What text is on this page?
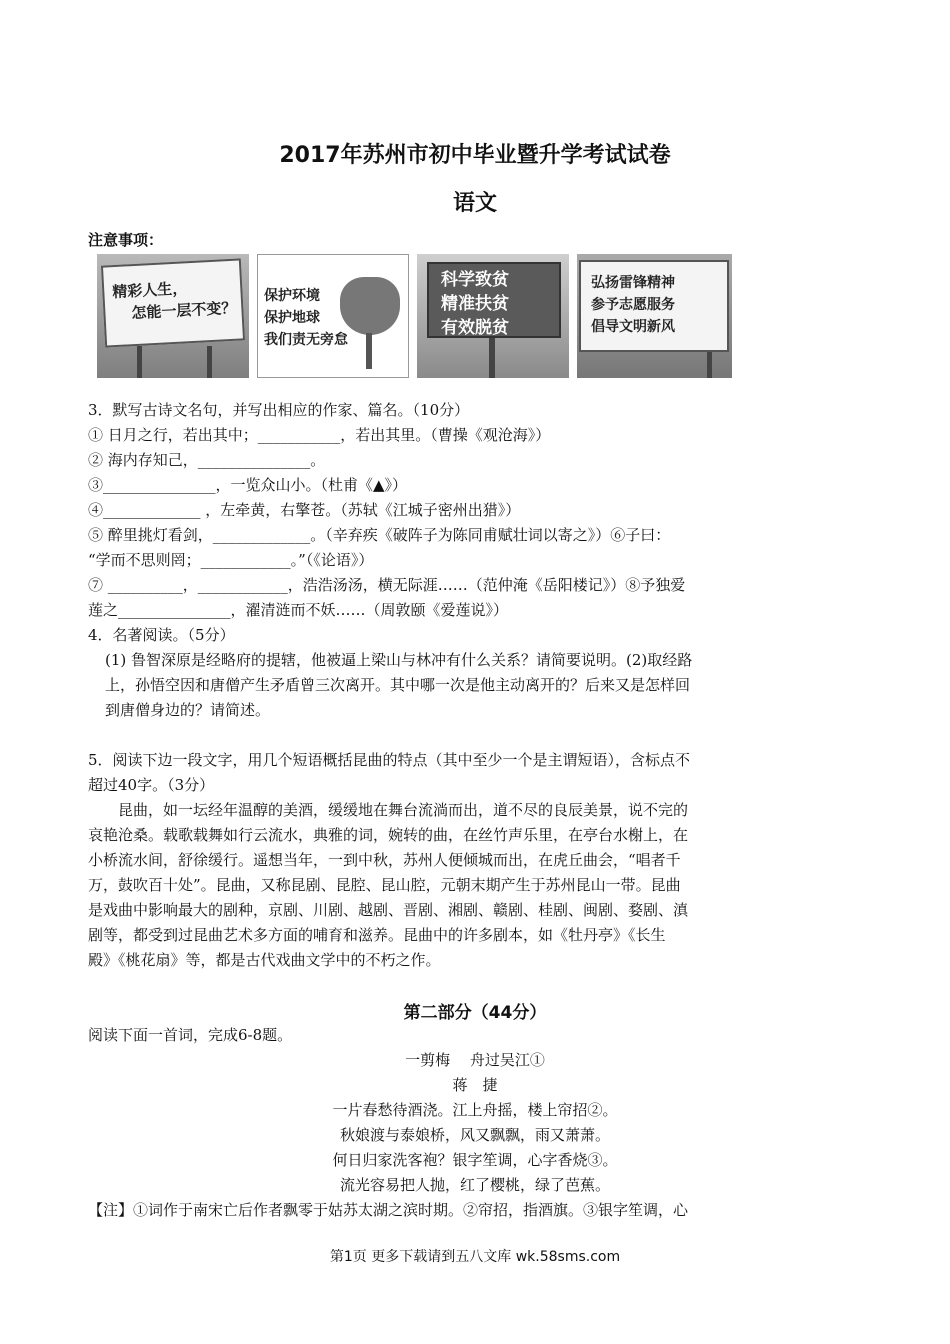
2017年苏州市初中毕业暨升学考试试卷
语文
注意事项：
精彩人生，
怎能一层不变？
保护环境
保护地球
我们责无旁怠
科学致贫
精准扶贫
有效脱贫
弘扬雷锋精神
参予志愿服务
倡导文明新风
3．默写古诗文名句，并写出相应的作家、篇名。（10分）
① 日月之行，若出其中；___________，若出其里。（曹操《观沧海》）
② 海内存知己，_______________。
③_______________，一览众山小。（杜甫《▲》）
④_____________ ，左牵黄，右擎苍。（苏轼《江城子密州出猎》）
⑤ 醉里挑灯看剑，_____________。（辛弃疾《破阵子为陈同甫赋壮词以寄之》）⑥子曰：
“学而不思则罔；____________。”（《论语》）
⑦ __________，____________，浩浩汤汤，横无际涯……（范仲淹《岳阳楼记》）⑧予独爱
莲之_______________，濯清涟而不妖……（周敦颐《爱莲说》）
4．名著阅读。（5分）
(1) 鲁智深原是经略府的提辖，他被逼上梁山与林冲有什么关系？请简要说明。(2)取经路
上，孙悟空因和唐僧产生矛盾曾三次离开。其中哪一次是他主动离开的？后来又是怎样回
到唐僧身边的？请简述。
5．阅读下边一段文字，用几个短语概括昆曲的特点（其中至少一个是主谓短语），含标点不
超过40字。（3分）
昆曲，如一坛经年温醇的美酒，缓缓地在舞台流淌而出，道不尽的良辰美景，说不完的
哀艳沧桑。载歌载舞如行云流水，典雅的词，婉转的曲，在丝竹声乐里，在亭台水榭上，在
小桥流水间，舒徐缓行。遥想当年，一到中秋，苏州人便倾城而出，在虎丘曲会，“唱者千
万，鼓吹百十处”。昆曲，又称昆剧、昆腔、昆山腔，元朝末期产生于苏州昆山一带。昆曲
是戏曲中影响最大的剧种，京剧、川剧、越剧、晋剧、湘剧、赣剧、桂剧、闽剧、婺剧、滇
剧等，都受到过昆曲艺术多方面的哺育和滋养。昆曲中的许多剧本，如《牡丹亭》《长生
殿》《桃花扇》等，都是古代戏曲文学中的不朽之作。
第二部分（44分）
阅读下面一首词，完成6-8题。
一剪梅　 舟过吴江①
蒋　捷
一片春愁待酒浇。江上舟摇，楼上帘招②。
秋娘渡与泰娘桥，风又飘飘，雨又萧萧。
何日归家洗客袍？银字笙调，心字香烧③。
流光容易把人抛，红了樱桃，绿了芭蕉。
【注】①词作于南宋亡后作者飘零于姑苏太湖之滨时期。②帘招，指酒旗。③银字笙调，心
第1页 更多下载请到五八文库 wk.58sms.com
